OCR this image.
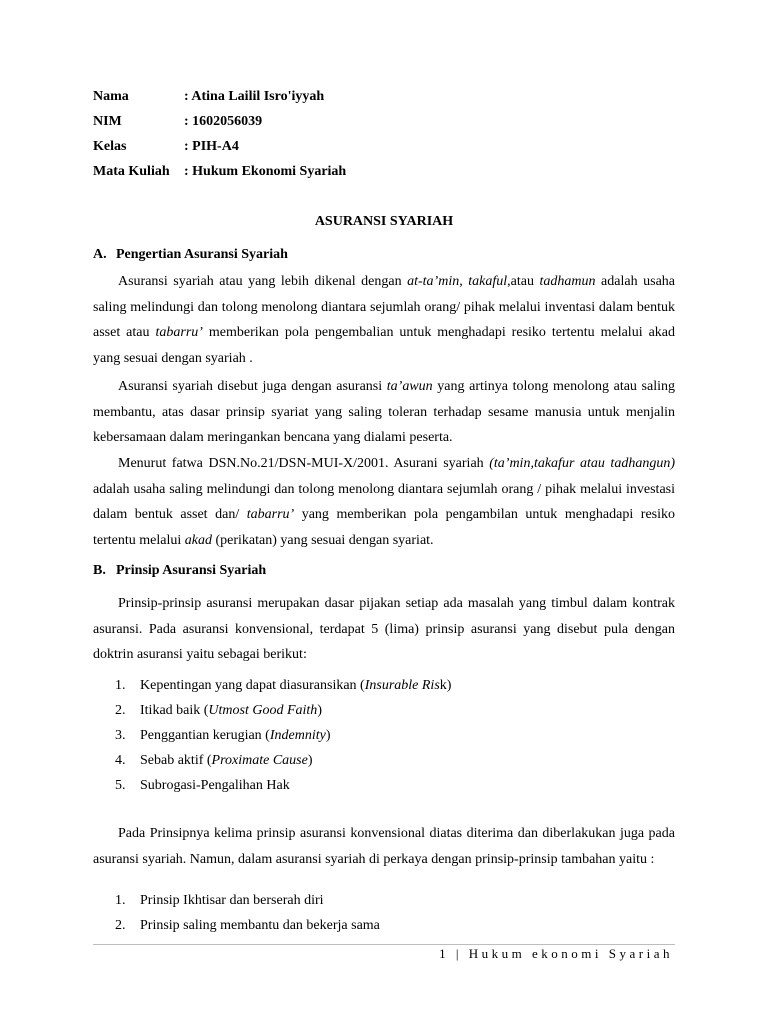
Nama	: Atina Lailil Isro'iyyah
NIM	: 1602056039
Kelas	: PIH-A4
Mata Kuliah : Hukum Ekonomi Syariah
ASURANSI SYARIAH
A. Pengertian Asuransi Syariah

Asuransi syariah atau yang lebih dikenal dengan at-ta’min, takaful,atau tadhamun adalah usaha saling melindungi dan tolong menolong diantara sejumlah orang/ pihak melalui inventasi dalam bentuk asset atau tabarru’ memberikan pola pengembalian untuk menghadapi resiko tertentu melalui akad yang sesuai dengan syariah .

Asuransi syariah disebut juga dengan asuransi ta’awun yang artinya tolong menolong atau saling membantu, atas dasar prinsip syariat yang saling toleran terhadap sesame manusia untuk menjalin kebersamaan dalam meringankan bencana yang dialami peserta.

Menurut fatwa DSN.No.21/DSN-MUI-X/2001. Asurani syariah (ta’min,takafur atau tadhangun) adalah usaha saling melindungi dan tolong menolong diantara sejumlah orang / pihak melalui investasi dalam bentuk asset dan/ tabarru’ yang memberikan pola pengambilan untuk menghadapi resiko tertentu melalui akad (perikatan) yang sesuai dengan syariat.

B. Prinsip Asuransi Syariah

Prinsip-prinsip asuransi merupakan dasar pijakan setiap ada masalah yang timbul dalam kontrak asuransi. Pada asuransi konvensional, terdapat 5 (lima) prinsip asuransi yang disebut pula dengan doktrin asuransi yaitu sebagai berikut:

1. Kepentingan yang dapat diasuransikan (Insurable Risk)
2. Itikad baik (Utmost Good Faith)
3. Penggantian kerugian (Indemnity)
4. Sebab aktif (Proximate Cause)
5. Subrogasi-Pengalihan Hak

Pada Prinsipnya kelima prinsip asuransi konvensional diatas diterima dan diberlakukan juga pada asuransi syariah. Namun, dalam asuransi syariah di perkaya dengan prinsip-prinsip tambahan yaitu :

1. Prinsip Ikhtisar dan berserah diri
2. Prinsip saling membantu dan bekerja sama
1 | Hukum ekonomi Syariah
